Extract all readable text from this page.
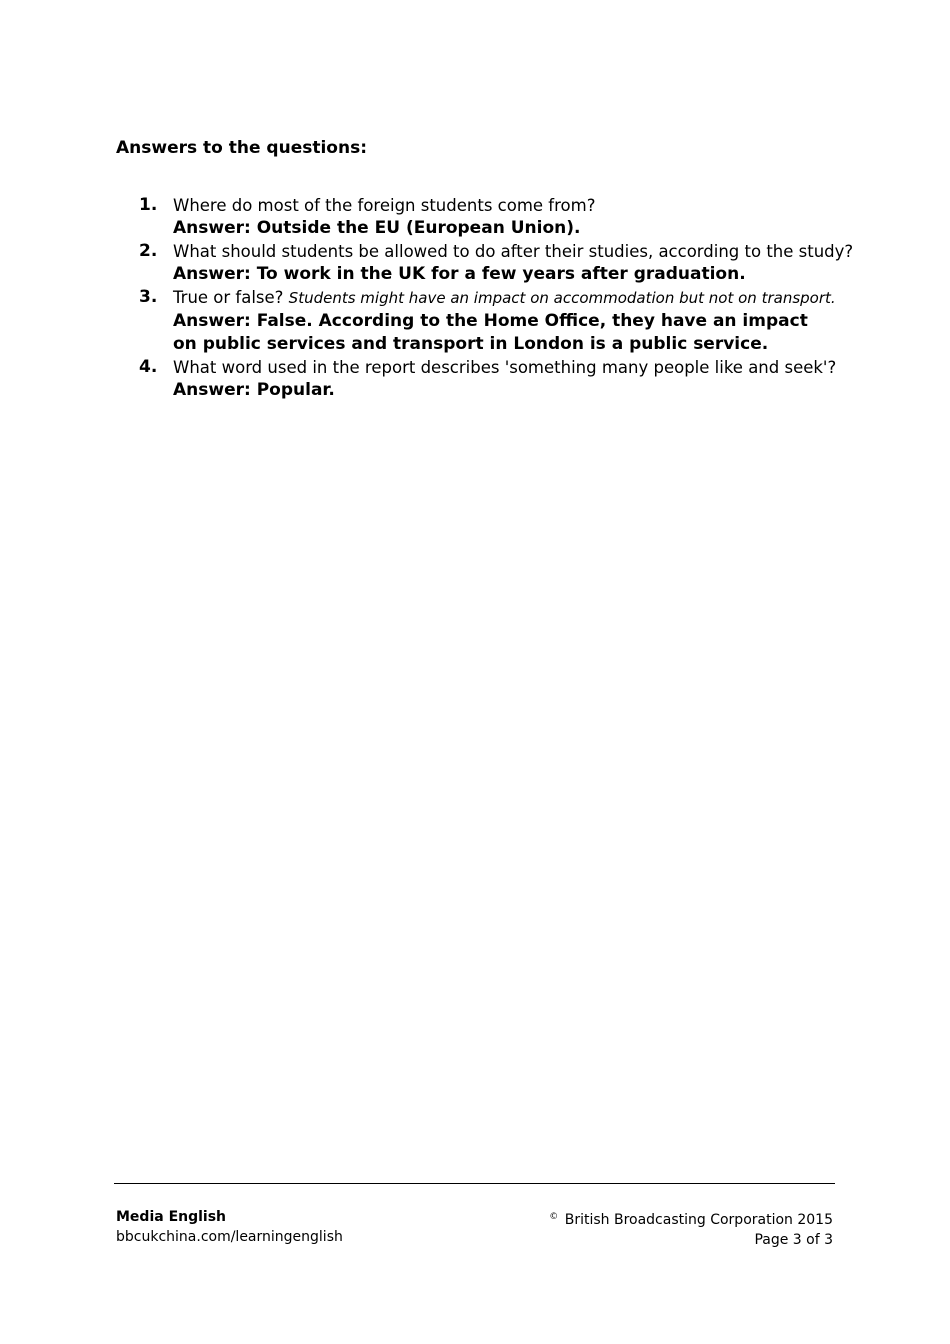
Answers to the questions:
1. Where do most of the foreign students come from?
Answer: Outside the EU (European Union).
2. What should students be allowed to do after their studies, according to the study?
Answer: To work in the UK for a few years after graduation.
3. True or false? Students might have an impact on accommodation but not on transport.
Answer: False. According to the Home Office, they have an impact on public services and transport in London is a public service.
4. What word used in the report describes 'something many people like and seek'?
Answer: Popular.
Media English
bbcukchina.com/learningenglish
© British Broadcasting Corporation 2015
Page 3 of 3
